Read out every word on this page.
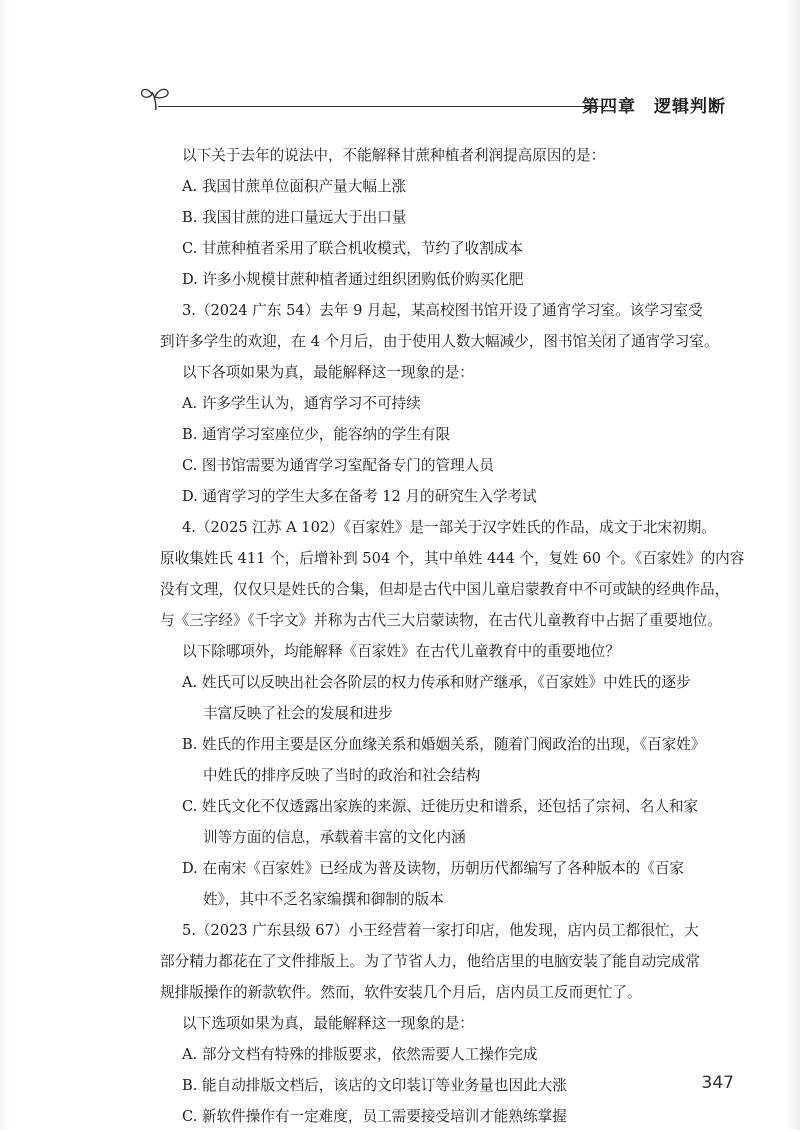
第四章　逻辑判断

以下关于去年的说法中，不能解释甘蔗种植者利润提高原因的是：

A. 我国甘蔗单位面积产量大幅上涨

B. 我国甘蔗的进口量远大于出口量

C. 甘蔗种植者采用了联合机收模式，节约了收割成本

D. 许多小规模甘蔗种植者通过组织团购低价购买化肥

3.（2024 广东 54）去年 9 月起，某高校图书馆开设了通宵学习室。该学习室受

到许多学生的欢迎，在 4 个月后，由于使用人数大幅减少，图书馆关闭了通宵学习室。

以下各项如果为真，最能解释这一现象的是：

A. 许多学生认为，通宵学习不可持续

B. 通宵学习室座位少，能容纳的学生有限

C. 图书馆需要为通宵学习室配备专门的管理人员

D. 通宵学习的学生大多在备考 12 月的研究生入学考试

4.（2025 江苏 A 102）《百家姓》是一部关于汉字姓氏的作品，成文于北宋初期。

原收集姓氏 411 个，后增补到 504 个，其中单姓 444 个，复姓 60 个。《百家姓》的内容

没有文理，仅仅只是姓氏的合集，但却是古代中国儿童启蒙教育中不可或缺的经典作品，

与《三字经》《千字文》并称为古代三大启蒙读物，在古代儿童教育中占据了重要地位。

以下除哪项外，均能解释《百家姓》在古代儿童教育中的重要地位？

A. 姓氏可以反映出社会各阶层的权力传承和财产继承，《百家姓》中姓氏的逐步

丰富反映了社会的发展和进步

B. 姓氏的作用主要是区分血缘关系和婚姻关系，随着门阀政治的出现，《百家姓》

中姓氏的排序反映了当时的政治和社会结构

C. 姓氏文化不仅透露出家族的来源、迁徙历史和谱系，还包括了宗祠、名人和家

训等方面的信息，承载着丰富的文化内涵

D. 在南宋《百家姓》已经成为普及读物，历朝历代都编写了各种版本的《百家

姓》，其中不乏名家编撰和御制的版本

5.（2023 广东县级 67）小王经营着一家打印店，他发现，店内员工都很忙，大

部分精力都花在了文件排版上。为了节省人力，他给店里的电脑安装了能自动完成常

规排版操作的新款软件。然而，软件安装几个月后，店内员工反而更忙了。

以下选项如果为真，最能解释这一现象的是：

A. 部分文档有特殊的排版要求，依然需要人工操作完成

B. 能自动排版文档后，该店的文印装订等业务量也因此大涨

C. 新软件操作有一定难度，员工需要接受培训才能熟练掌握

347
